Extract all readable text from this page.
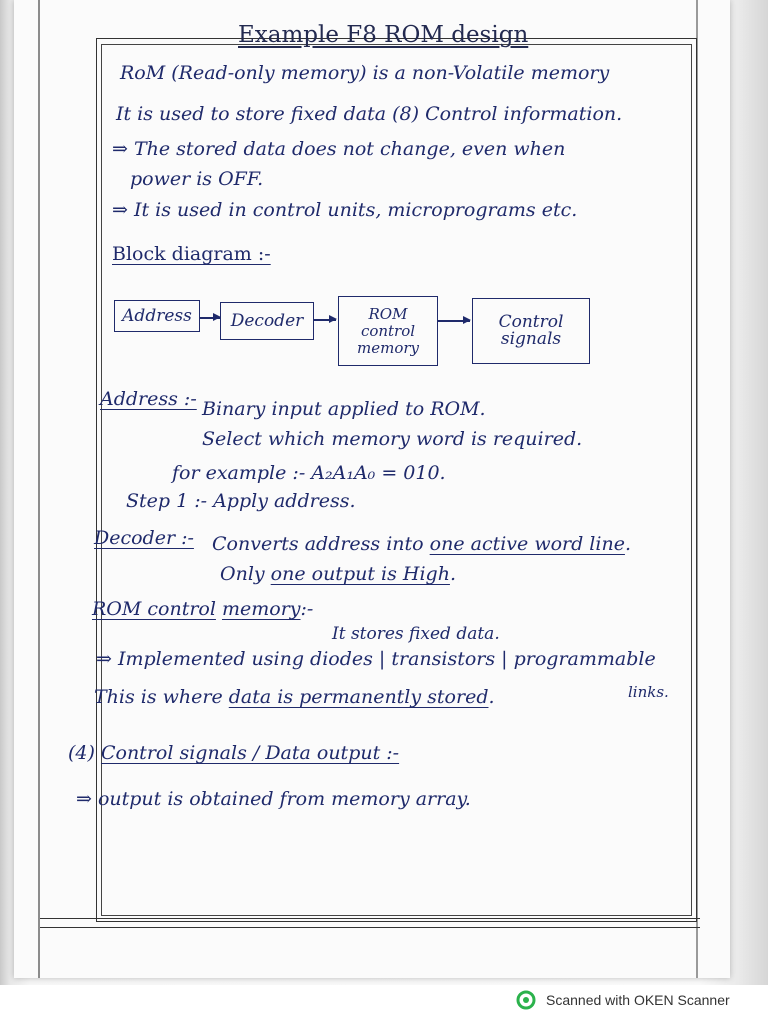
Example F8 ROM design
RoM (Read-only memory) is a non-Volatile memory
It is used to store fixed data (8) Control information.
⇒ The stored data does not change, even when
power is OFF.
⇒ It is used in control units, microprograms etc.
Block diagram :-
Address	Decoder	ROM
control
memory
Control
signals
Address :- Binary input applied to ROM.
Select which memory word is required.
for example :- A₂A₁A₀ = 010.
Step 1 :- Apply address.
Decoder :- Converts address into one active word line.
Only one output is High.
ROM control memory:-
It stores fixed data.
⇒ Implemented using diodes | transistors | programmable
links.
This is where data is permanently stored.
(4) Control signals / Data output :-
⇒ output is obtained from memory array.
Scanned with OKEN Scanner
